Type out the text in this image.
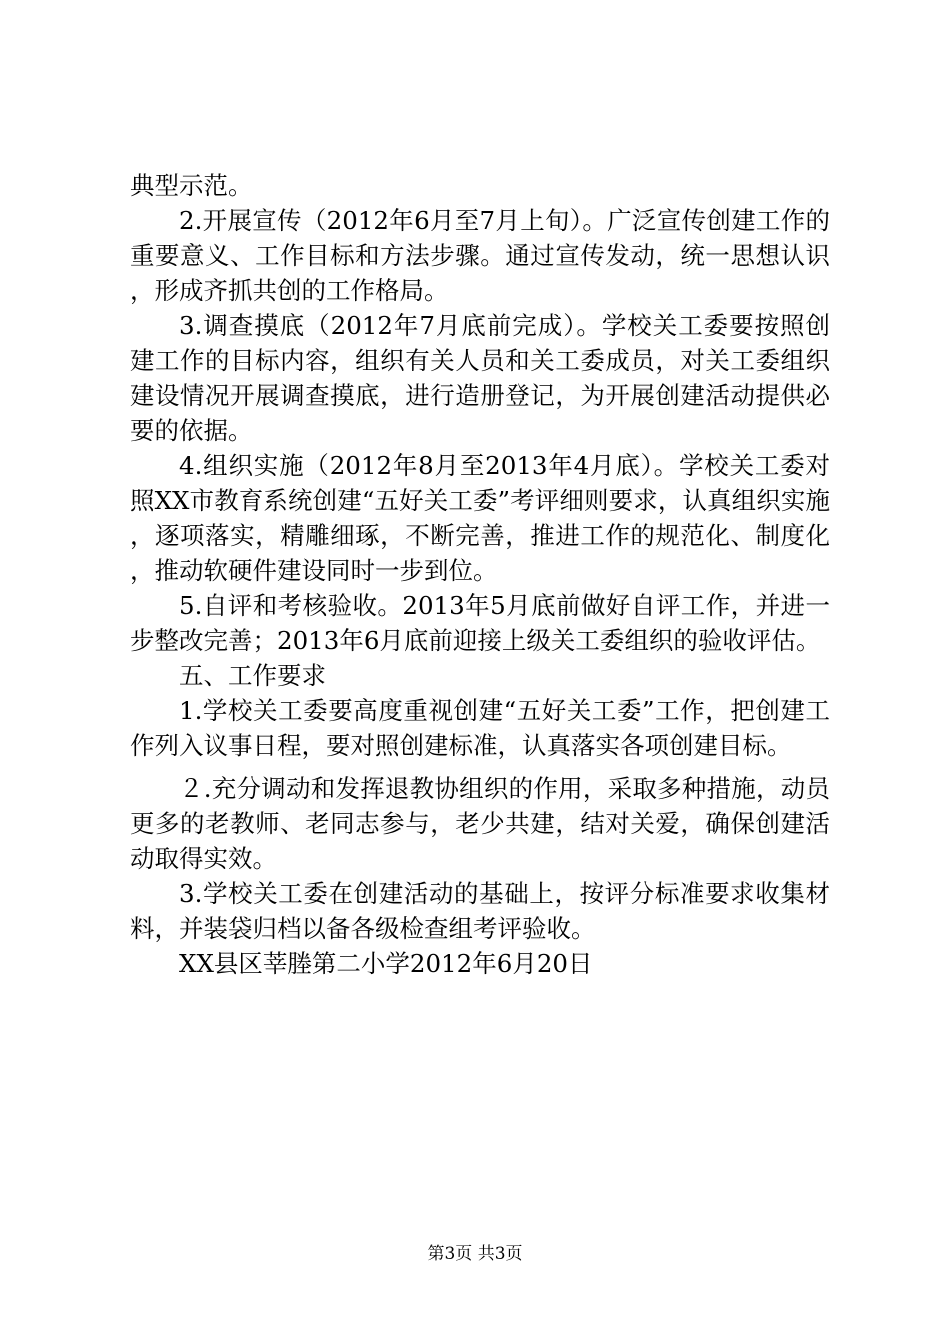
典型示范。

2.开展宣传（2012年6月至7月上旬）。广泛宣传创建工作的重要意义、工作目标和方法步骤。通过宣传发动，统一思想认识，形成齐抓共创的工作格局。

3.调查摸底（2012年7月底前完成）。学校关工委要按照创建工作的目标内容，组织有关人员和关工委成员，对关工委组织建设情况开展调查摸底，进行造册登记，为开展创建活动提供必要的依据。

4.组织实施（2012年8月至2013年4月底）。学校关工委对照XX市教育系统创建“五好关工委”考评细则要求，认真组织实施，逐项落实，精雕细琢，不断完善，推进工作的规范化、制度化，推动软硬件建设同时一步到位。

5.自评和考核验收。2013年5月底前做好自评工作，并进一步整改完善；2013年6月底前迎接上级关工委组织的验收评估。

五、工作要求

1.学校关工委要高度重视创建“五好关工委”工作，把创建工作列入议事日程，要对照创建标准，认真落实各项创建目标。

２.充分调动和发挥退教协组织的作用，采取多种措施，动员更多的老教师、老同志参与，老少共建，结对关爱，确保创建活动取得实效。

3.学校关工委在创建活动的基础上，按评分标准要求收集材料，并装袋归档以备各级检查组考评验收。

XX县区莘塍第二小学2012年6月20日

第3页 共3页
